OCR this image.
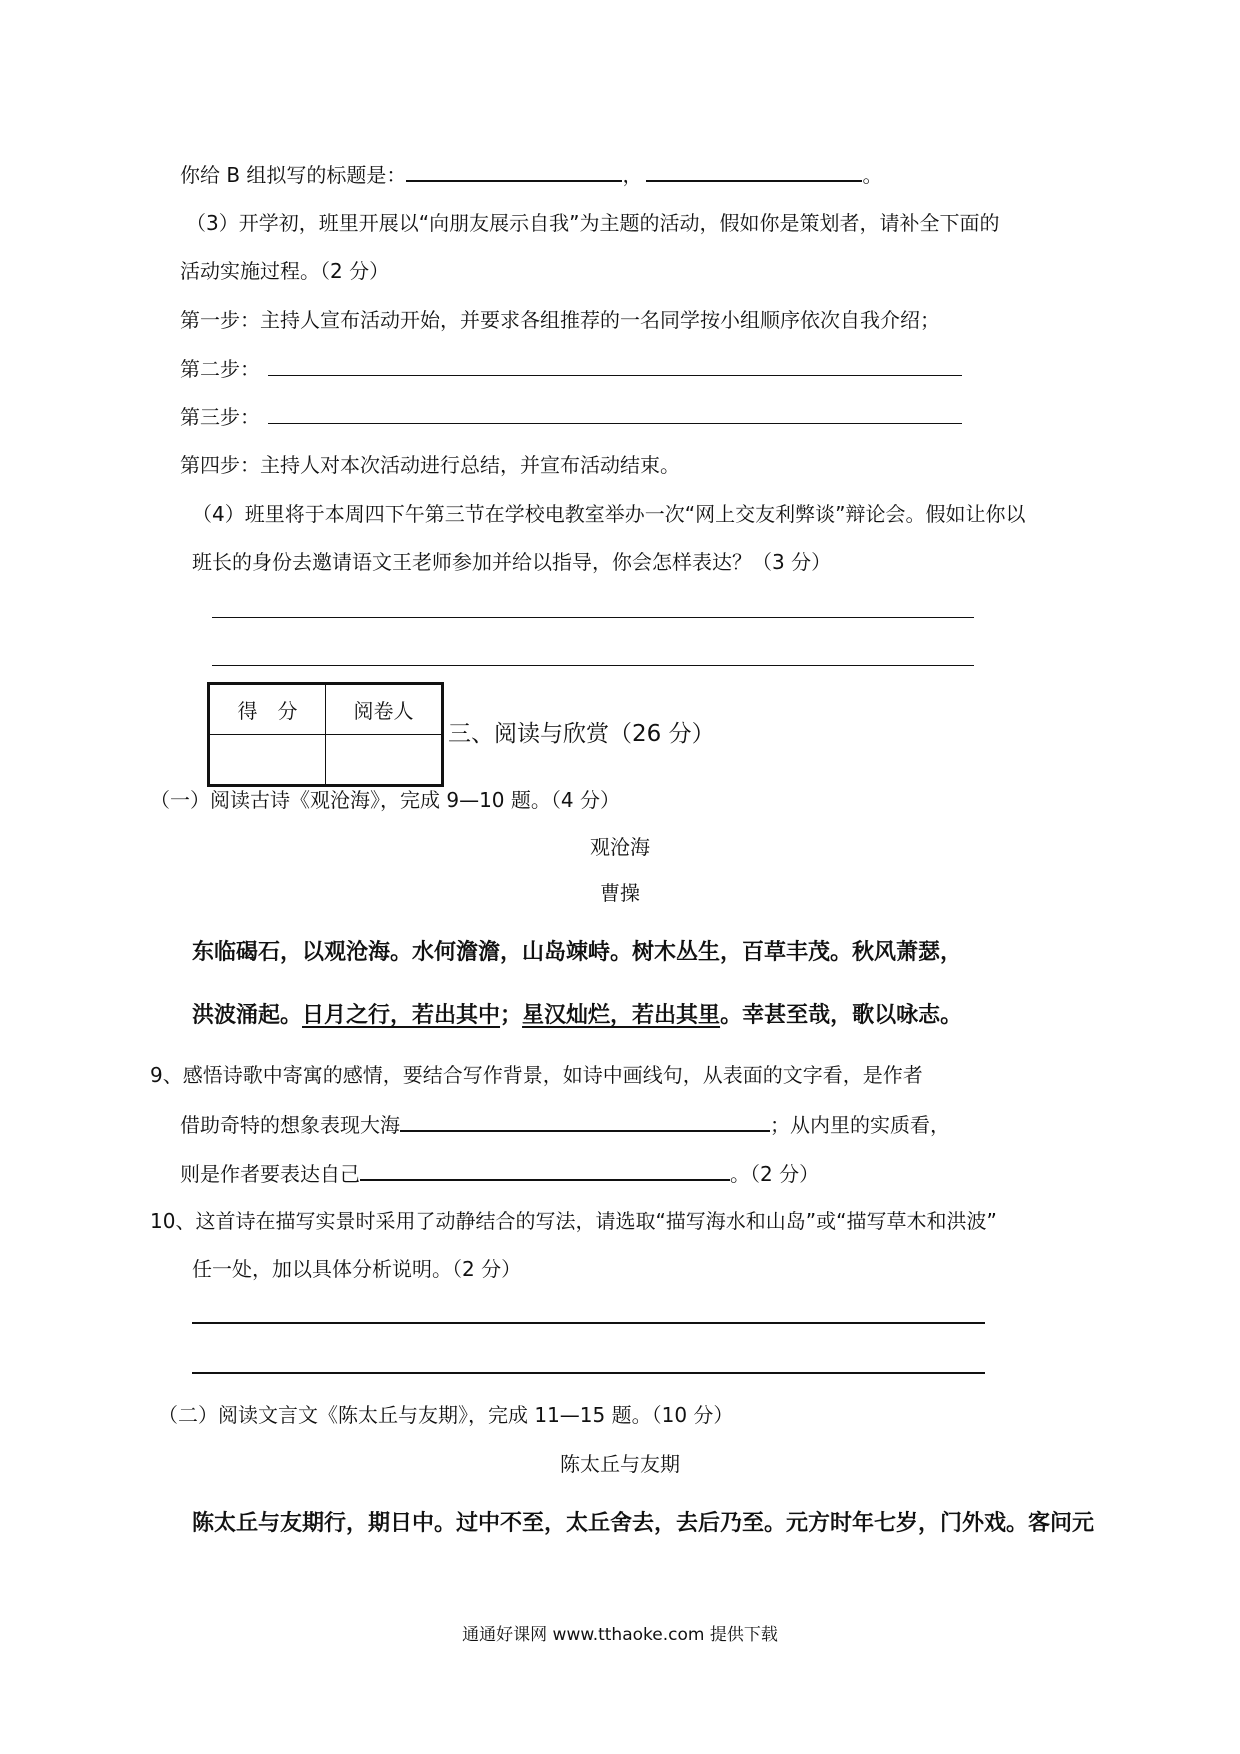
你给 B 组拟写的标题是：	，	。
（3）开学初，班里开展以“向朋友展示自我”为主题的活动，假如你是策划者，请补全下面的
活动实施过程。（2 分）
第一步：主持人宣布活动开始，并要求各组推荐的一名同学按小组顺序依次自我介绍；
第二步：
第三步：
第四步：主持人对本次活动进行总结，并宣布活动结束。
（4）班里将于本周四下午第三节在学校电教室举办一次“网上交友利弊谈”辩论会。假如让你以
班长的身份去邀请语文王老师参加并给以指导，你会怎样表达？（3 分）
得　分	阅卷人

三、阅读与欣赏（26 分）
（一）阅读古诗《观沧海》，完成 9—10 题。（4 分）
观沧海
曹操
东临碣石，以观沧海。水何澹澹，山岛竦峙。树木丛生，百草丰茂。秋风萧瑟，
洪波涌起。日月之行，若出其中；星汉灿烂，若出其里。幸甚至哉，歌以咏志。
9、感悟诗歌中寄寓的感情，要结合写作背景，如诗中画线句，从表面的文字看，是作者
借助奇特的想象表现大海	；从内里的实质看，
则是作者要表达自己	。（2 分）
10、这首诗在描写实景时采用了动静结合的写法，请选取“描写海水和山岛”或“描写草木和洪波”
任一处，加以具体分析说明。（2 分）
（二）阅读文言文《陈太丘与友期》，完成 11—15 题。（10 分）
陈太丘与友期
陈太丘与友期行，期日中。过中不至，太丘舍去，去后乃至。元方时年七岁，门外戏。客问元
通通好课网 www.tthaoke.com 提供下载
